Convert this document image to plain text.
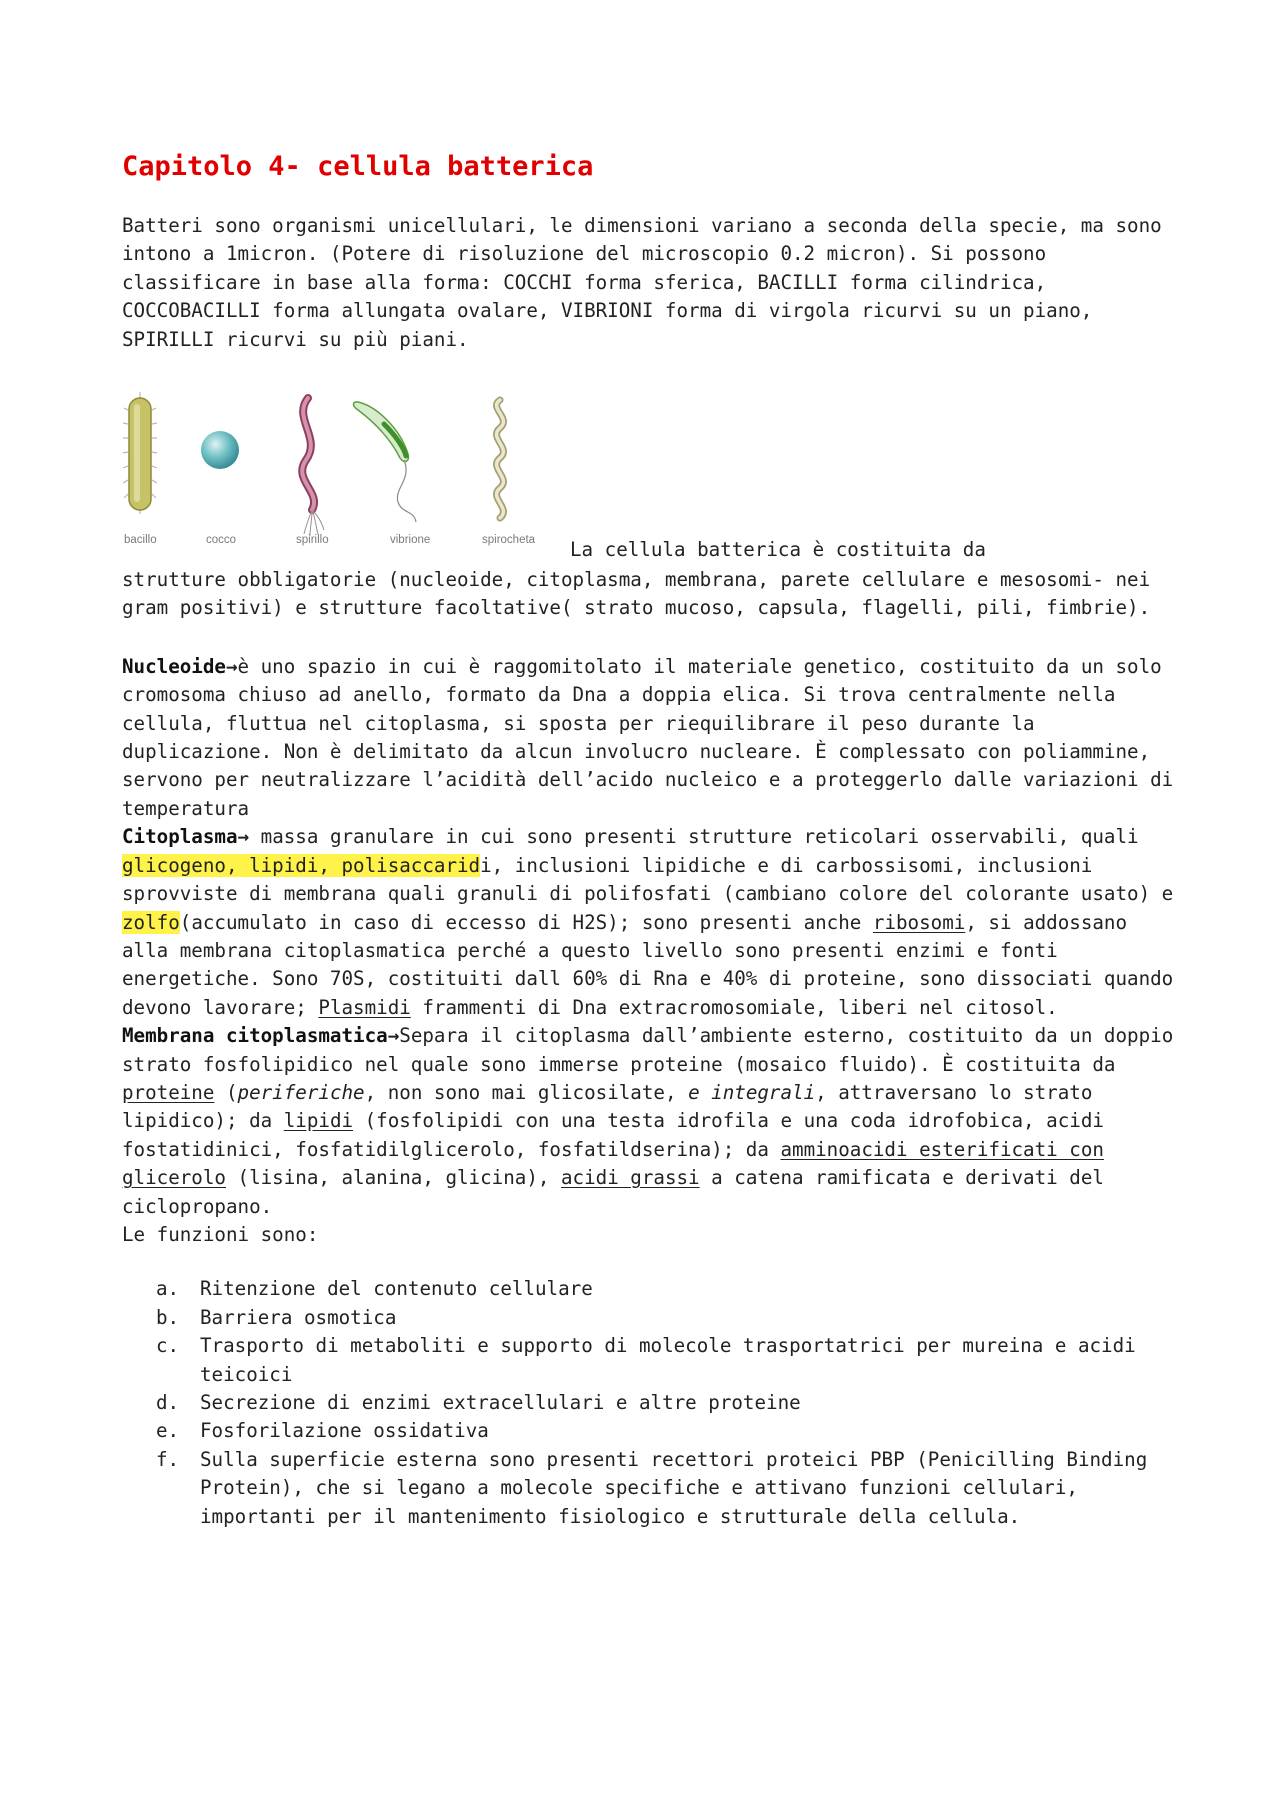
Capitolo 4- cellula batterica

Batteri sono organismi unicellulari, le dimensioni variano a seconda della specie, ma sono intono a 1micron. (Potere di risoluzione del microscopio 0.2 micron). Si possono classificare in base alla forma: COCCHI forma sferica, BACILLI forma cilindrica, COCCOBACILLI forma allungata ovalare, VIBRIONI forma di virgola ricurvi su un piano, SPIRILLI ricurvi su più piani.

bacillo	cocco	spirillo	vibrione	spirocheta La cellula batterica è costituita da

strutture obbligatorie (nucleoide, citoplasma, membrana, parete cellulare e mesosomi- nei gram positivi) e strutture facoltative( strato mucoso, capsula, flagelli, pili, fimbrie).

Nucleoide→è uno spazio in cui è raggomitolato il materiale genetico, costituito da un solo cromosoma chiuso ad anello, formato da Dna a doppia elica. Si trova centralmente nella cellula, fluttua nel citoplasma, si sposta per riequilibrare il peso durante la duplicazione. Non è delimitato da alcun involucro nucleare. È complessato con poliammine, servono per neutralizzare l’acidità dell’acido nucleico e a proteggerlo dalle variazioni di temperatura

Citoplasma→ massa granulare in cui sono presenti strutture reticolari osservabili, quali glicogeno, lipidi, polisaccaridi, inclusioni lipidiche e di carbossisomi, inclusioni sprovviste di membrana quali granuli di polifosfati (cambiano colore del colorante usato) e zolfo(accumulato in caso di eccesso di H2S); sono presenti anche ribosomi, si addossano alla membrana citoplasmatica perché a questo livello sono presenti enzimi e fonti energetiche. Sono 70S, costituiti dall 60% di Rna e 40% di proteine, sono dissociati quando devono lavorare; Plasmidi frammenti di Dna extracromosomiale, liberi nel citosol.

Membrana citoplasmatica→Separa il citoplasma dall’ambiente esterno, costituito da un doppio strato fosfolipidico nel quale sono immerse proteine (mosaico fluido). È costituita da proteine (periferiche, non sono mai glicosilate, e integrali, attraversano lo strato lipidico); da lipidi (fosfolipidi con una testa idrofila e una coda idrofobica, acidi fostatidinici, fosfatidilglicerolo, fosfatildserina); da amminoacidi esterificati con glicerolo (lisina, alanina, glicina), acidi grassi a catena ramificata e derivati del ciclopropano.

Le funzioni sono:

a.	Ritenzione del contenuto cellulare
b.	Barriera osmotica
c.	Trasporto di metaboliti e supporto di molecole trasportatrici per mureina e acidi teicoici
d.	Secrezione di enzimi extracellulari e altre proteine
e.	Fosforilazione ossidativa
f.	Sulla superficie esterna sono presenti recettori proteici PBP (Penicilling Binding Protein), che si legano a molecole specifiche e attivano funzioni cellulari, importanti per il mantenimento fisiologico e strutturale della cellula.
